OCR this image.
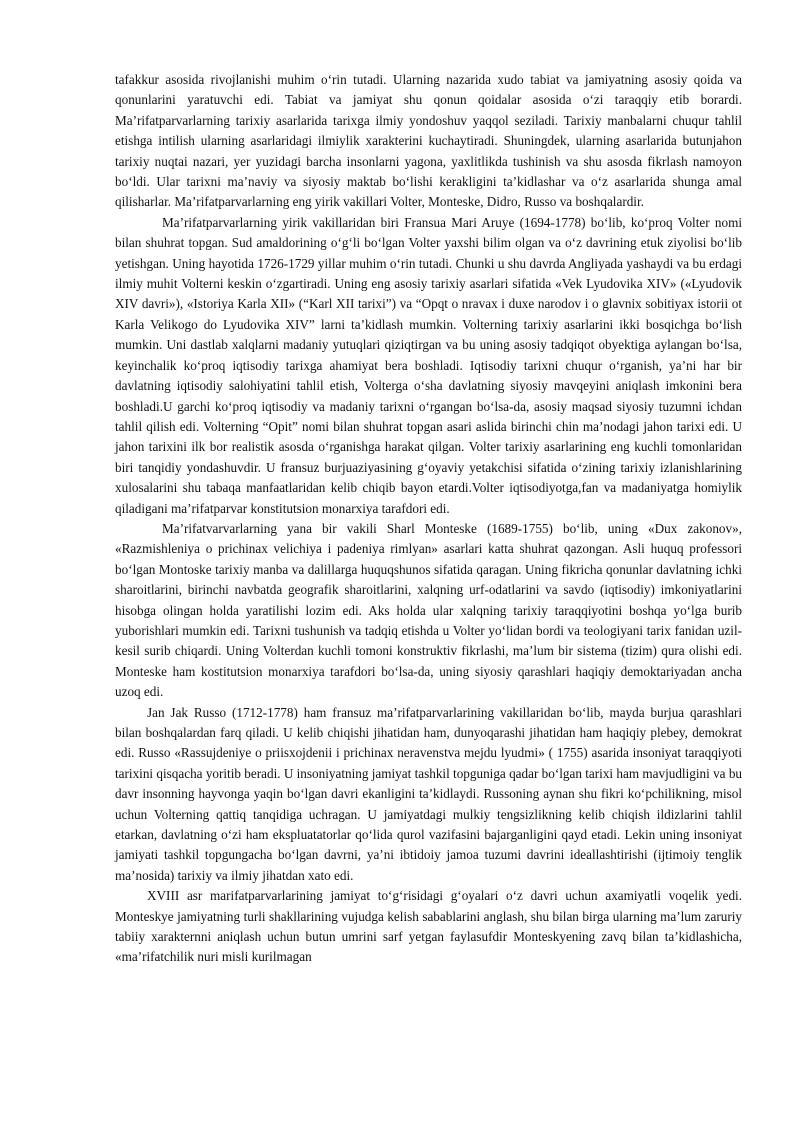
tafakkur asosida rivojlanishi muhim oʻrin tutadi. Ularning nazarida xudo tabiat va jamiyatning asosiy qoida va qonunlarini yaratuvchi edi. Tabiat va jamiyat shu qonun qoidalar asosida oʻzi taraqqiy etib borardi. Maʼrifatparvarlarning tarixiy asarlarida tarixga ilmiy yondoshuv yaqqol seziladi. Tarixiy manbalarni chuqur tahlil etishga intilish ularning asarlaridagi ilmiylik xarakterini kuchaytiradi. Shuningdek, ularning asarlarida butunjahon tarixiy nuqtai nazari, yer yuzidagi barcha insonlarni yagona, yaxlitlikda tushinish va shu asosda fikrlash namoyon boʻldi. Ular tarixni maʼnaviy va siyosiy maktab boʻlishi kerakligini taʼkidlashar va oʻz asarlarida shunga amal qilisharlar. Maʼrifatparvarlarning eng yirik vakillari Volter, Monteske, Didro, Russo va boshqalardir.

Maʼrifatparvarlarning yirik vakillaridan biri Fransua Mari Aruye (1694-1778) boʻlib, koʻproq Volter nomi bilan shuhrat topgan. Sud amaldorining oʻgʻli boʻlgan Volter yaxshi bilim olgan va oʻz davrining etuk ziyolisi boʻlib yetishgan. Uning hayotida 1726-1729 yillar muhim oʻrin tutadi. Chunki u shu davrda Angliyada yashaydi va bu erdagi ilmiy muhit Volterni keskin oʻzgartiradi. Uning eng asosiy tarixiy asarlari sifatida «Vek Lyudovika XIV» («Lyudovik XIV davri»), «Istoriya Karla XII» (“Karl XII tarixi”) va “Opqt o nravax i duxe narodov i o glavnix sobitiyax istorii ot Karla Velikogo do Lyudovika XIV” larni taʼkidlash mumkin. Volterning tarixiy asarlarini ikki bosqichga boʻlish mumkin. Uni dastlab xalqlarni madaniy yutuqlari qiziqtirgan va bu uning asosiy tadqiqot obyektiga aylangan boʻlsa, keyinchalik koʻproq iqtisodiy tarixga ahamiyat bera boshladi. Iqtisodiy tarixni chuqur oʻrganish, yaʼni har bir davlatning iqtisodiy salohiyatini tahlil etish, Volterga oʻsha davlatning siyosiy mavqeyini aniqlash imkonini bera boshladi.U garchi koʻproq iqtisodiy va madaniy tarixni oʻrgangan boʻlsa-da, asosiy maqsad siyosiy tuzumni ichdan tahlil qilish edi. Volterning “Opit” nomi bilan shuhrat topgan asari aslida birinchi chin maʼnodagi jahon tarixi edi. U jahon tarixini ilk bor realistik asosda oʻrganishga harakat qilgan. Volter tarixiy asarlarining eng kuchli tomonlaridan biri tanqidiy yondashuvdir. U fransuz burjuaziyasining gʻoyaviy yetakchisi sifatida oʻzining tarixiy izlanishlarining xulosalarini shu tabaqa manfaatlaridan kelib chiqib bayon etardi.Volter iqtisodiyotga,fan va madaniyatga homiylik qiladigani maʼrifatparvar konstitutsion monarxiya tarafdori edi.

Maʼrifatvarvarlarning yana bir vakili Sharl Monteske (1689-1755) boʻlib, uning «Dux zakonov», «Razmishleniya o prichinax velichiya i padeniya rimlyan» asarlari katta shuhrat qazongan. Asli huquq professori boʻlgan Montoske tarixiy manba va dalillarga huquqshunos sifatida qaragan. Uning fikricha qonunlar davlatning ichki sharoitlarini, birinchi navbatda geografik sharoitlarini, xalqning urf-odatlarini va savdo (iqtisodiy) imkoniyatlarini hisobga olingan holda yaratilishi lozim edi. Aks holda ular xalqning tarixiy taraqqiyotini boshqa yoʻlga burib yuborishlari mumkin edi. Tarixni tushunish va tadqiq etishda u Volter yoʻlidan bordi va teologiyani tarix fanidan uzil-kesil surib chiqardi. Uning Volterdan kuchli tomoni konstruktiv fikrlashi, maʼlum bir sistema (tizim) qura olishi edi. Monteske ham kostitutsion monarxiya tarafdori boʻlsa-da, uning siyosiy qarashlari haqiqiy demoktariyadan ancha uzoq edi.

Jan Jak Russo (1712-1778) ham fransuz maʼrifatparvarlarining vakillaridan boʻlib, mayda burjua qarashlari bilan boshqalardan farq qiladi. U kelib chiqishi jihatidan ham, dunyoqarashi jihatidan ham haqiqiy plebey, demokrat edi. Russo «Rassujdeniye o priisxojdenii i prichinax neravenstva mejdu lyudmi» ( 1755) asarida insoniyat taraqqiyoti tarixini qisqacha yoritib beradi. U insoniyatning jamiyat tashkil topguniga qadar boʻlgan tarixi ham mavjudligini va bu davr insonning hayvonga yaqin boʻlgan davri ekanligini taʼkidlaydi. Russoning aynan shu fikri koʻpchilikning, misol uchun Volterning qattiq tanqidiga uchragan. U jamiyatdagi mulkiy tengsizlikning kelib chiqish ildizlarini tahlil etarkan, davlatning oʻzi ham ekspluatatorlar qoʻlida qurol vazifasini bajarganligini qayd etadi. Lekin uning insoniyat jamiyati tashkil topgungacha boʻlgan davrni, yaʼni ibtidoiy jamoa tuzumi davrini ideallashtirishi (ijtimoiy tenglik maʼnosida) tarixiy va ilmiy jihatdan xato edi.

XVIII asr marifatparvarlarining jamiyat toʻgʻrisidagi gʻoyalari oʻz davri uchun axamiyatli voqelik yedi. Monteskye jamiyatning turli shakllarining vujudga kelish sabablarini anglash, shu bilan birga ularning maʼlum zaruriy tabiiy xarakternni aniqlash uchun butun umrini sarf yetgan faylasufdir Monteskyening zavq bilan taʼkidlashicha, «maʼrifatchilik nuri misli kurilmagan
